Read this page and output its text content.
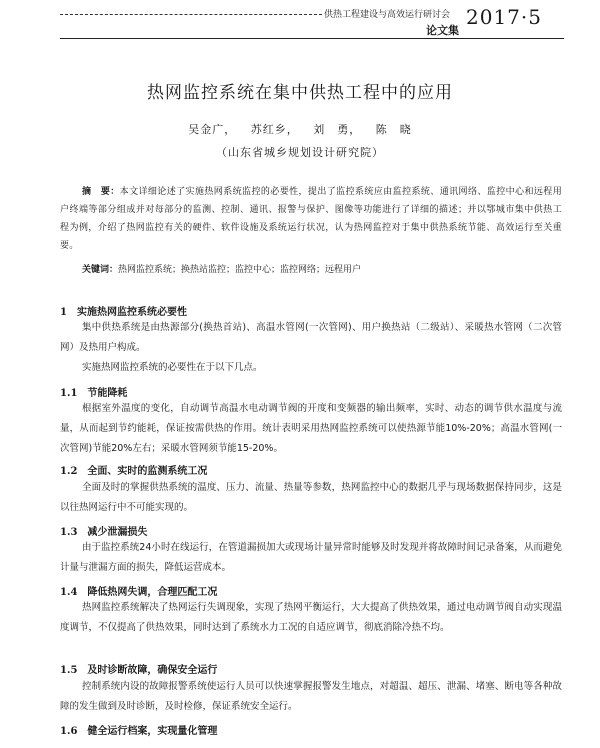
供热工程建设与高效运行研讨会 2017·5
论文集
热网监控系统在集中供热工程中的应用
吴金广， 苏红乡， 刘　勇， 陈　晓
（山东省城乡规划设计研究院）
摘　要：本文详细论述了实施热网系统监控的必要性，提出了监控系统应由监控系统、通讯网络、监控中心和远程用户终端等部分组成并对每部分的监测、控制、通讯、报警与保护、图像等功能进行了详细的描述；并以鄂城市集中供热工程为例，介绍了热网监控有关的硬件、软件设施及系统运行状况，认为热网监控对于集中供热系统节能、高效运行至关重要。
关键词：热网监控系统；换热站监控；监控中心；监控网络；远程用户
1　实施热网监控系统必要性
集中供热系统是由热源部分(换热首站)、高温水管网(一次管网)、用户换热站（二级站）、采暖热水管网（二次管网）及热用户构成。
实施热网监控系统的必要性在于以下几点。
1.1　节能降耗
根据室外温度的变化，自动调节高温水电动调节阀的开度和变频器的输出频率，实时、动态的调节供水温度与流量，从而起到节约能耗，保证按需供热的作用。统计表明采用热网监控系统可以使热源节能10%-20%；高温水管网(一次管网)节能20%左右；采暖水管网须节能15-20%。
1.2　全面、实时的监测系统工况
全面及时的掌握供热系统的温度、压力、流量、热量等参数，热网监控中心的数据几乎与现场数据保持同步，这是以往热网运行中不可能实现的。
1.3　减少泄漏损失
由于监控系统24小时在线运行，在管道漏损加大或现场计量异常时能够及时发现并将故障时间记录备案，从而避免计量与泄漏方面的损失，降低运营成本。
1.4　降低热网失调，合理匹配工况
热网监控系统解决了热网运行失调现象，实现了热网平衡运行，大大提高了供热效果，通过电动调节阀自动实现温度调节，不仅提高了供热效果，同时达到了系统水力工况的自适应调节，彻底消除冷热不均。
1.5　及时诊断故障，确保安全运行
控制系统内设的故障报警系统使运行人员可以快速掌握报警发生地点，对超温、超压、泄漏、堵塞、断电等各种故障的发生做到及时诊断，及时检修，保证系统安全运行。
1.6　健全运行档案，实现量化管理
